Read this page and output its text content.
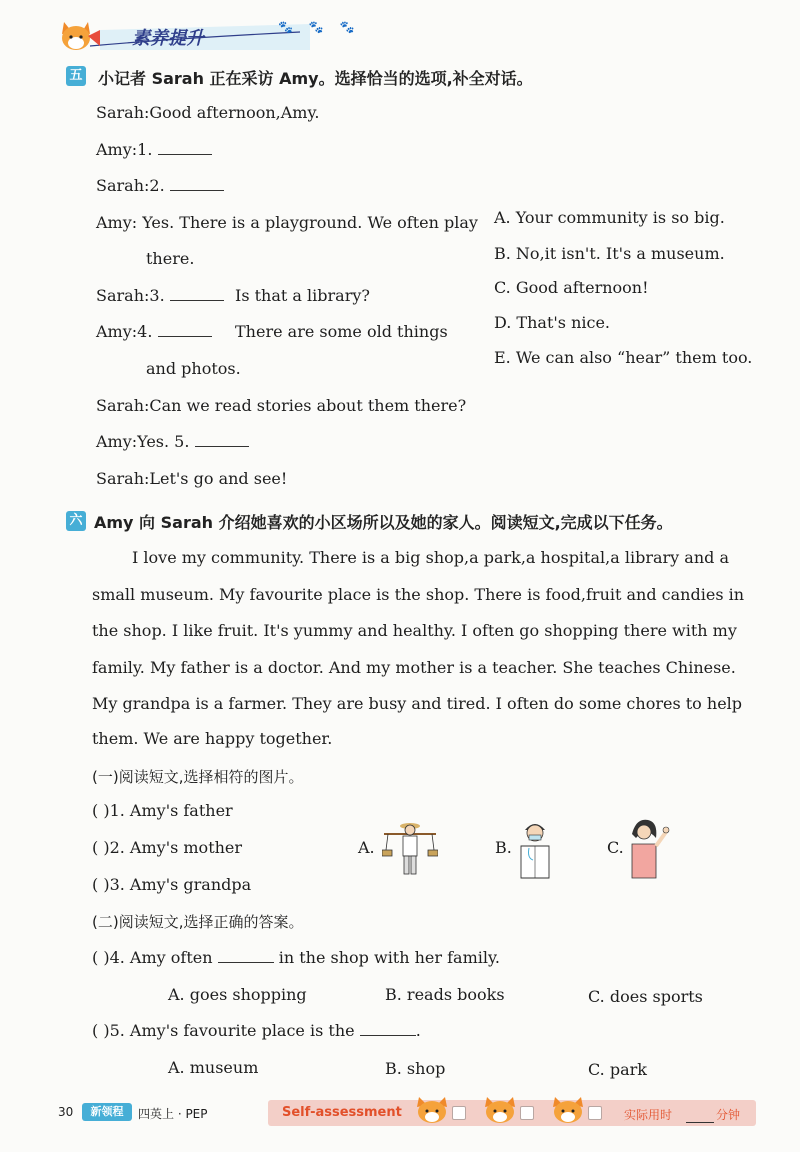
素养提升
🐾 🐾 🐾
五 小记者 Sarah 正在采访 Amy。选择恰当的选项,补全对话。
Sarah:Good afternoon,Amy.
Amy:1.
Sarah:2.
Amy: Yes. There is a playground. We often play
there.
Sarah:3.	Is that a library?
Amy:4.	There are some old things
and photos.
Sarah:Can we read stories about them there?
Amy:Yes. 5.
Sarah:Let's go and see!
A. Your community is so big.
B. No,it isn't. It's a museum.
C. Good afternoon!
D. That's nice.
E. We can also “hear” them too.
六 Amy 向 Sarah 介绍她喜欢的小区场所以及她的家人。阅读短文,完成以下任务。
I love my community. There is a big shop,a park,a hospital,a library and a
small museum. My favourite place is the shop. There is food,fruit and candies in
the shop. I like fruit. It's yummy and healthy. I often go shopping there with my
family. My father is a doctor. And my mother is a teacher. She teaches Chinese.
My grandpa is a farmer. They are busy and tired. I often do some chores to help
them. We are happy together.
(一)阅读短文,选择相符的图片。
( )1. Amy's father
( )2. Amy's mother
( )3. Amy's grandpa
A.	B.	C.
(二)阅读短文,选择正确的答案。
( )4. Amy often	in the shop with her family.
A. goes shopping	B. reads books	C. does sports
( )5. Amy's favourite place is the	.
A. museum	B. shop	C. park
30	新领程	四英上 · PEP	Self-assessment	实际用时	分钟
